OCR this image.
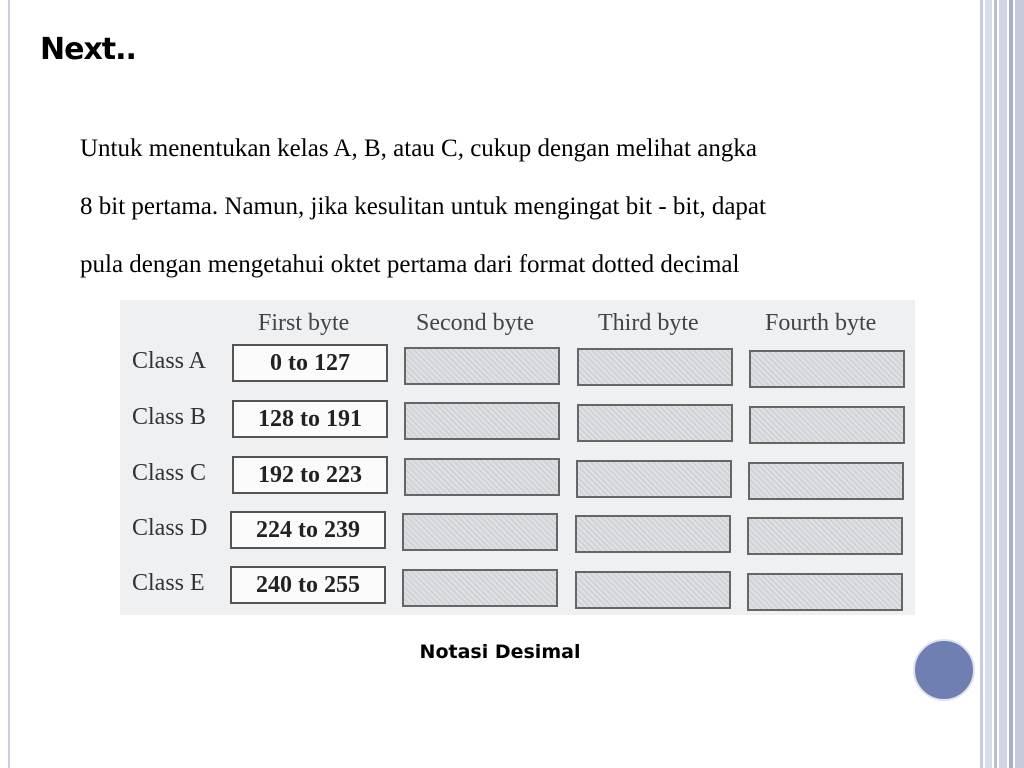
Next..
Untuk menentukan kelas A, B, atau C, cukup dengan melihat angka
8 bit pertama. Namun, jika kesulitan untuk mengingat bit - bit, dapat
pula dengan mengetahui oktet pertama dari format dotted decimal
First byte	Second byte	Third byte	Fourth byte
Class A	0 to 127
Class B	128 to 191
Class C	192 to 223
Class D	224 to 239
Class E	240 to 255
Notasi Desimal
